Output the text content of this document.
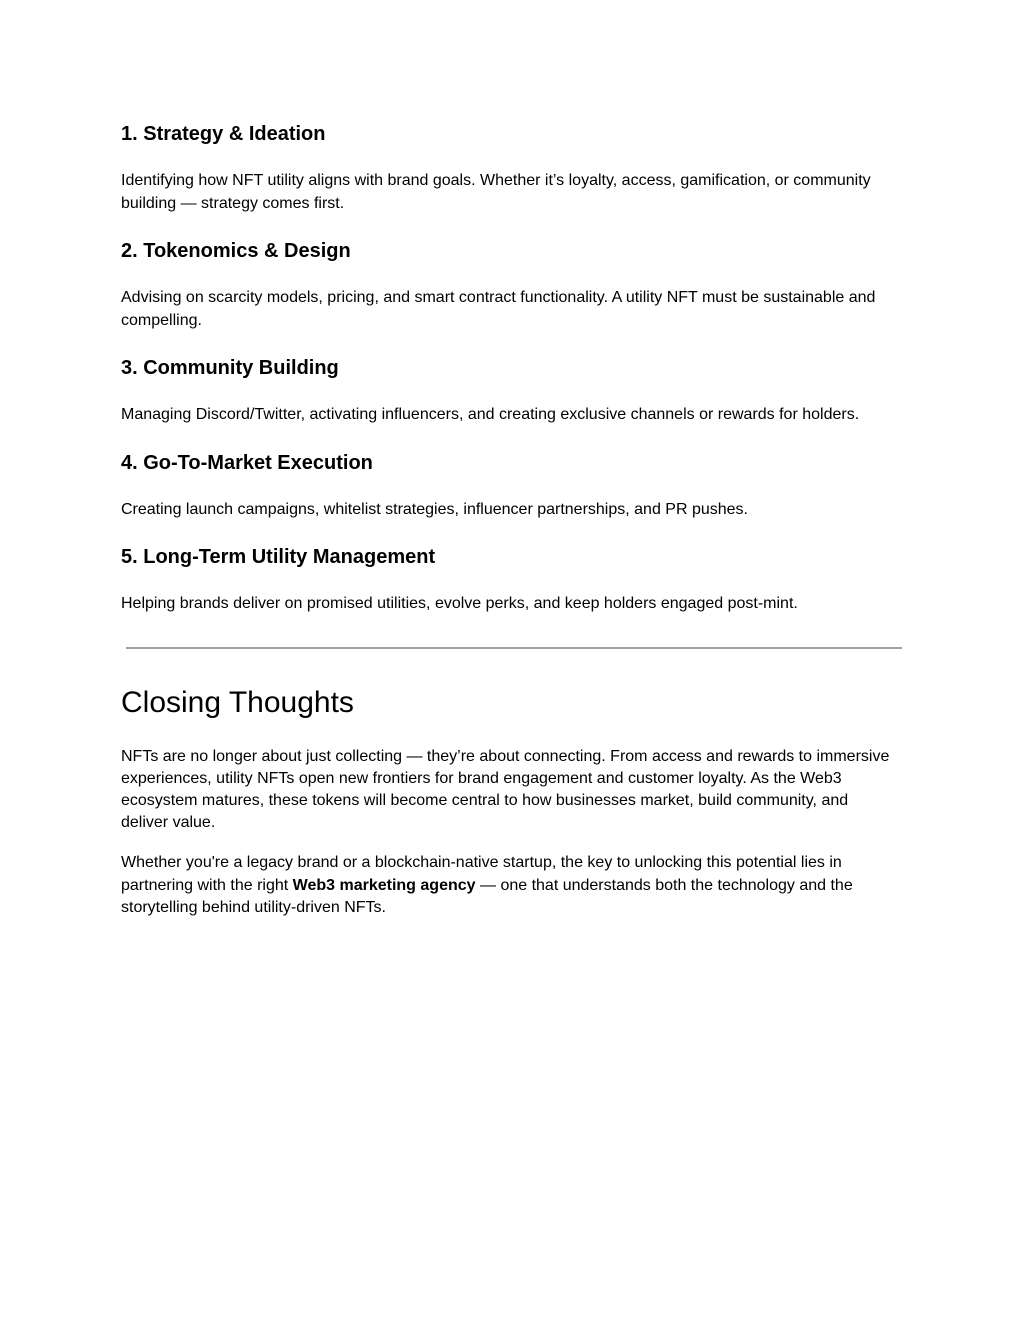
1. Strategy & Ideation

Identifying how NFT utility aligns with brand goals. Whether it’s loyalty, access, gamification, or community building — strategy comes first.

2. Tokenomics & Design

Advising on scarcity models, pricing, and smart contract functionality. A utility NFT must be sustainable and compelling.

3. Community Building

Managing Discord/Twitter, activating influencers, and creating exclusive channels or rewards for holders.

4. Go-To-Market Execution

Creating launch campaigns, whitelist strategies, influencer partnerships, and PR pushes.

5. Long-Term Utility Management

Helping brands deliver on promised utilities, evolve perks, and keep holders engaged post-mint.

Closing Thoughts

NFTs are no longer about just collecting — they’re about connecting. From access and rewards to immersive experiences, utility NFTs open new frontiers for brand engagement and customer loyalty. As the Web3 ecosystem matures, these tokens will become central to how businesses market, build community, and deliver value.

Whether you're a legacy brand or a blockchain-native startup, the key to unlocking this potential lies in partnering with the right Web3 marketing agency — one that understands both the technology and the storytelling behind utility-driven NFTs.
